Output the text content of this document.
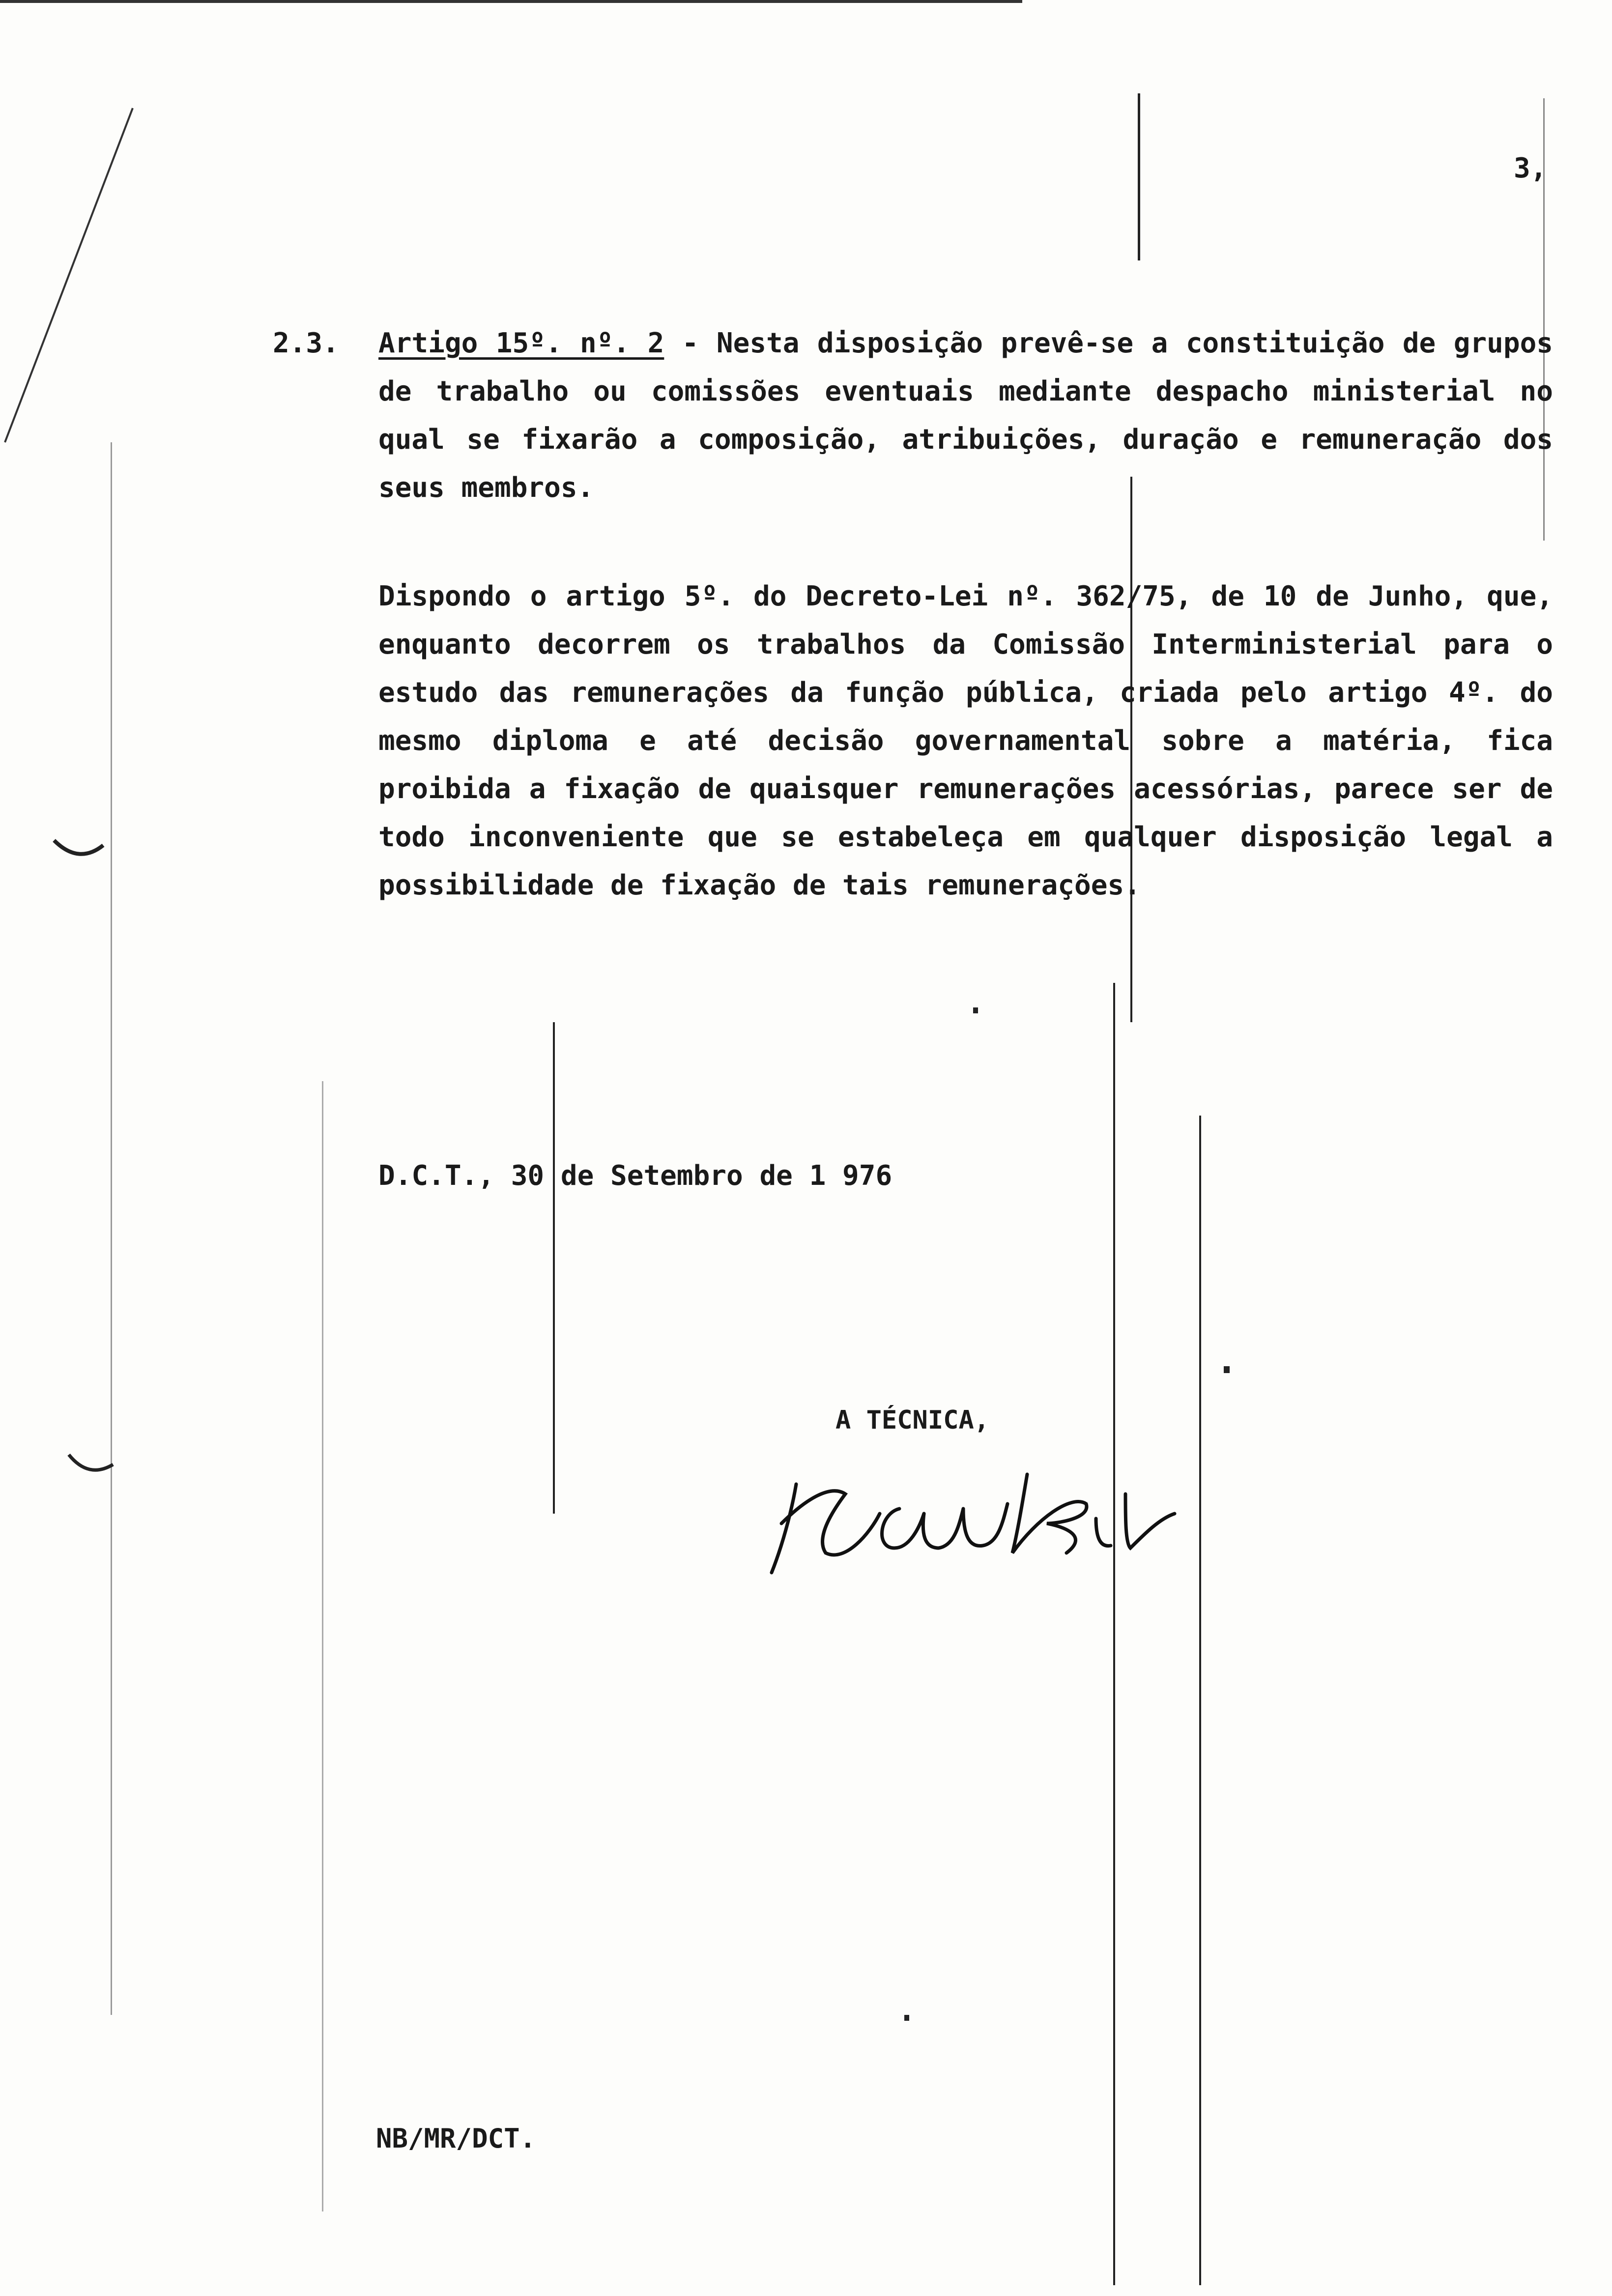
3,
2.3. Artigo 15º. nº. 2 - Nesta disposição prevê-se a constituição de grupos de trabalho ou comissões eventuais mediante despacho ministerial no qual se fixarão a composição, atribuições, duração e remuneração dos seus membros.
Dispondo o artigo 5º. do Decreto-Lei nº. 362/75, de 10 de Junho, que, enquanto decorrem os trabalhos da Comissão Interministerial para o estudo das remunerações da função pública, criada pelo artigo 4º. do mesmo diploma e até decisão governamental sobre a matéria, fica proibida a fixação de quaisquer remunerações acessórias, parece ser de todo inconveniente que se estabeleça em qualquer disposição legal a possibilidade de fixação de tais remunerações.
D.C.T., 30 de Setembro de 1 976
A TÉCNICA,
NB/MR/DCT.
